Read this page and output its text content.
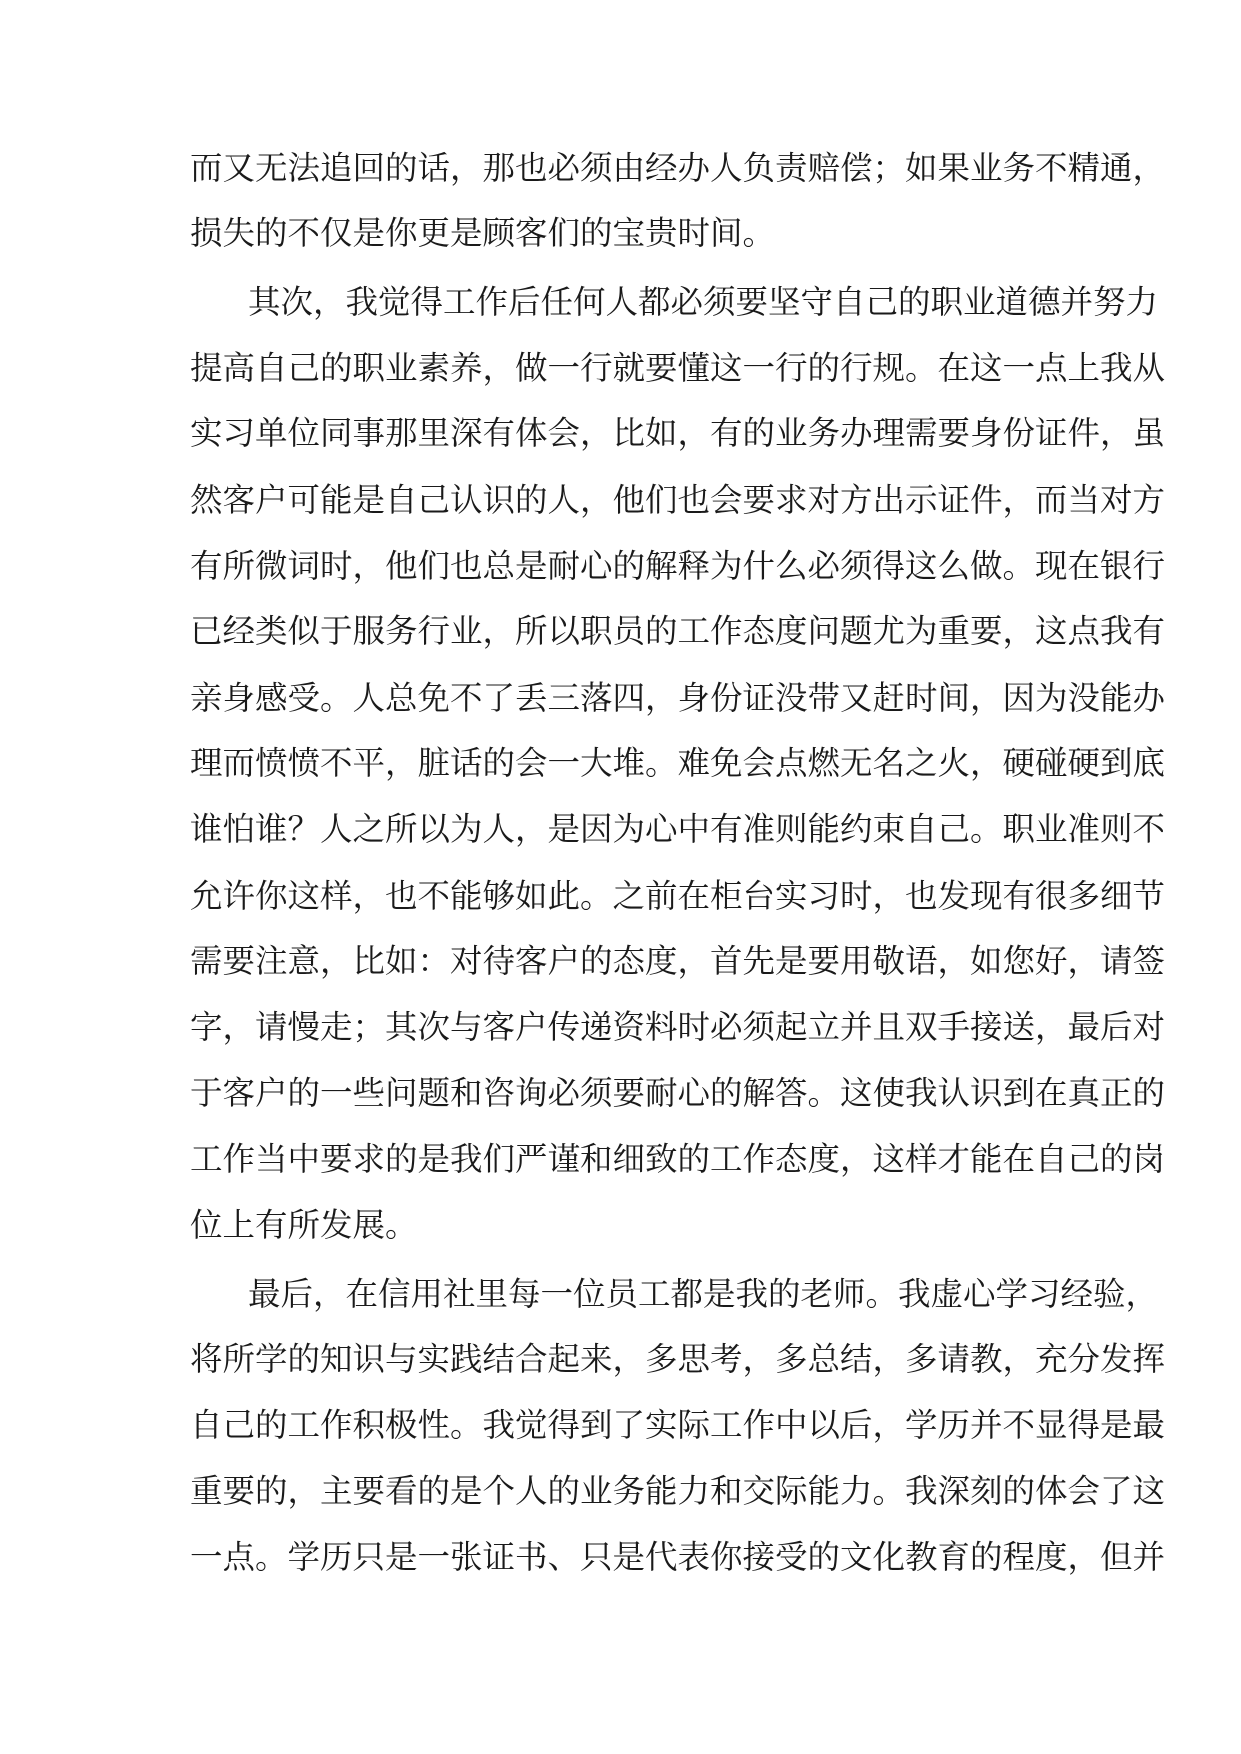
而又无法追回的话，那也必须由经办人负责赔偿；如果业务不精通，
损失的不仅是你更是顾客们的宝贵时间。
其次，我觉得工作后任何人都必须要坚守自己的职业道德并努力
提高自己的职业素养，做一行就要懂这一行的行规。在这一点上我从
实习单位同事那里深有体会，比如，有的业务办理需要身份证件，虽
然客户可能是自己认识的人，他们也会要求对方出示证件，而当对方
有所微词时，他们也总是耐心的解释为什么必须得这么做。现在银行
已经类似于服务行业，所以职员的工作态度问题尤为重要，这点我有
亲身感受。人总免不了丢三落四，身份证没带又赶时间，因为没能办
理而愤愤不平，脏话的会一大堆。难免会点燃无名之火，硬碰硬到底
谁怕谁？人之所以为人，是因为心中有准则能约束自己。职业准则不
允许你这样，也不能够如此。之前在柜台实习时，也发现有很多细节
需要注意，比如：对待客户的态度，首先是要用敬语，如您好，请签
字，请慢走；其次与客户传递资料时必须起立并且双手接送，最后对
于客户的一些问题和咨询必须要耐心的解答。这使我认识到在真正的
工作当中要求的是我们严谨和细致的工作态度，这样才能在自己的岗
位上有所发展。
最后，在信用社里每一位员工都是我的老师。我虚心学习经验，
将所学的知识与实践结合起来，多思考，多总结，多请教，充分发挥
自己的工作积极性。我觉得到了实际工作中以后，学历并不显得是最
重要的，主要看的是个人的业务能力和交际能力。我深刻的体会了这
一点。学历只是一张证书、只是代表你接受的文化教育的程度，但并
